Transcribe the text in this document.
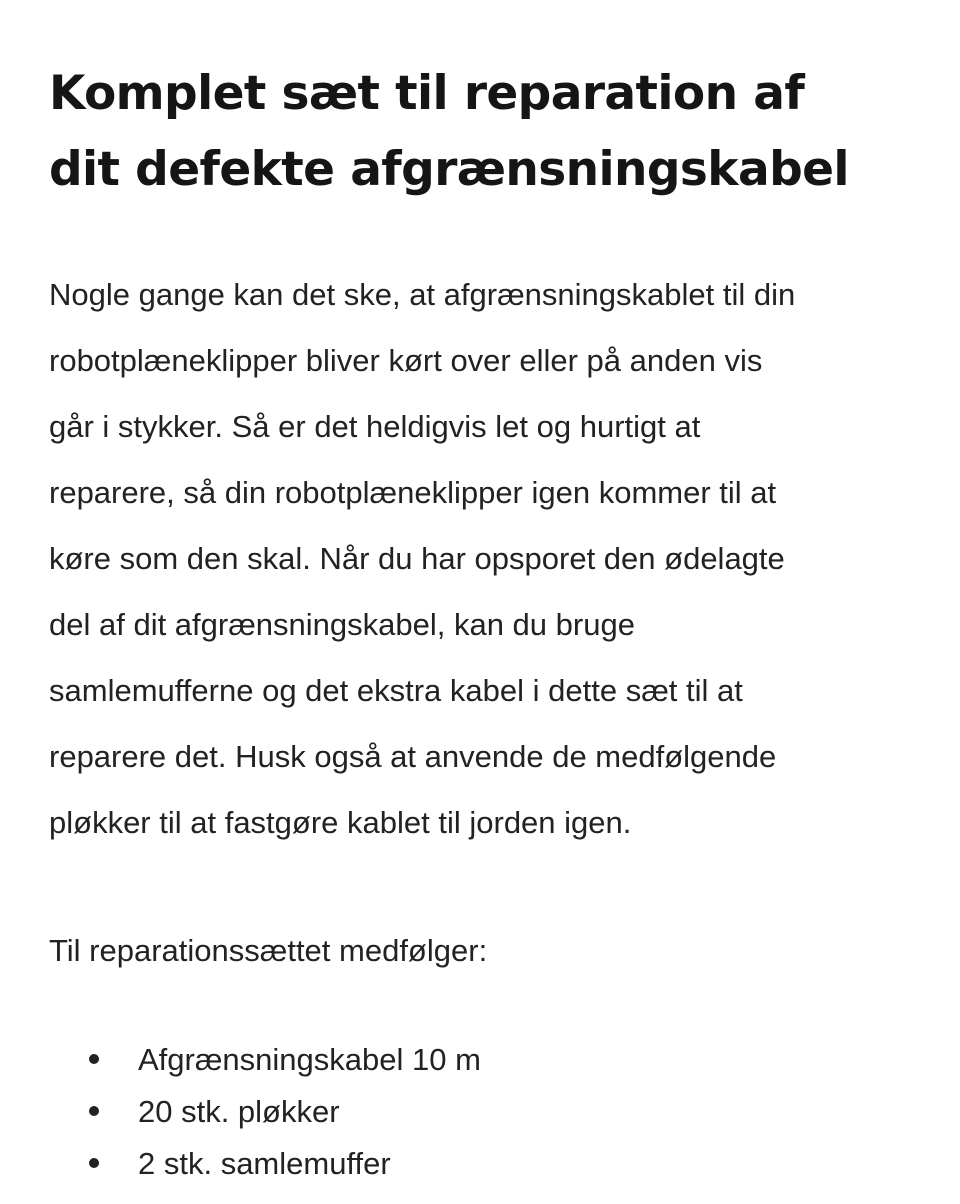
Komplet sæt til reparation af
dit defekte afgrænsningskabel

Nogle gange kan det ske, at afgrænsningskablet til din
robotplæneklipper bliver kørt over eller på anden vis
går i stykker. Så er det heldigvis let og hurtigt at
reparere, så din robotplæneklipper igen kommer til at
køre som den skal. Når du har opsporet den ødelagte
del af dit afgrænsningskabel, kan du bruge
samlemufferne og det ekstra kabel i dette sæt til at
reparere det. Husk også at anvende de medfølgende
pløkker til at fastgøre kablet til jorden igen.

Til reparationssættet medfølger:

Afgrænsningskabel 10 m
20 stk. pløkker
2 stk. samlemuffer
